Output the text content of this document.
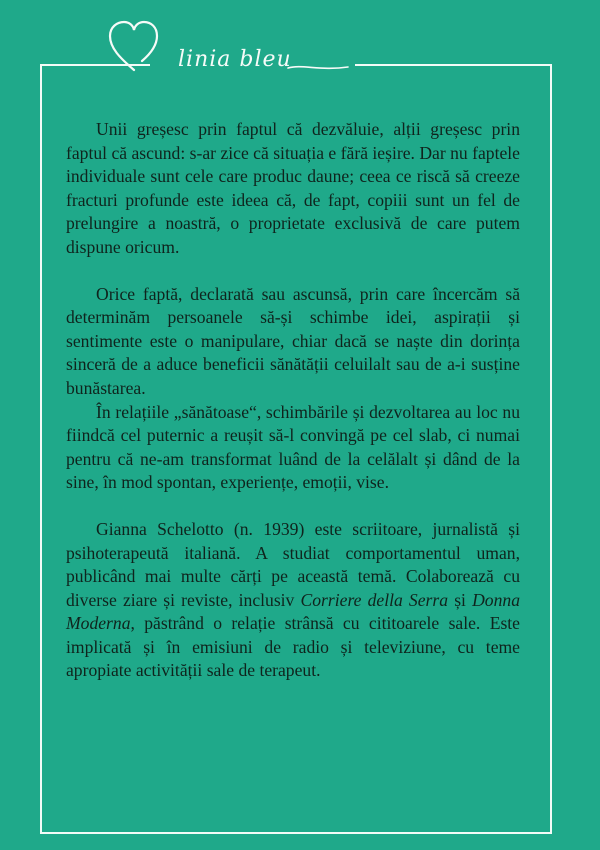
linia bleu

Unii greșesc prin faptul că dezvăluie, alții greșesc prin faptul că ascund: s-ar zice că situația e fără ieșire. Dar nu faptele individuale sunt cele care produc daune; ceea ce riscă să creeze fracturi profunde este ideea că, de fapt, copiii sunt un fel de prelungire a noastră, o proprietate exclusivă de care putem dispune oricum.

Orice faptă, declarată sau ascunsă, prin care încercăm să determinăm persoanele să-și schimbe idei, aspirații și sentimente este o manipulare, chiar dacă se naște din dorința sinceră de a aduce beneficii sănătății celuilalt sau de a-i susține bunăstarea.

În relațiile „sănătoase“, schimbările și dezvoltarea au loc nu fiindcă cel puternic a reușit să-l convingă pe cel slab, ci numai pentru că ne-am transformat luând de la celălalt și dând de la sine, în mod spontan, experiențe, emoții, vise.

Gianna Schelotto (n. 1939) este scriitoare, jurnalistă și psihoterapeută italiană. A studiat comportamentul uman, publicând mai multe cărți pe această temă. Colaborează cu diverse ziare și reviste, inclusiv Corriere della Serra și Donna Moderna, păstrând o relație strânsă cu cititoarele sale. Este implicată și în emisiuni de radio și televiziune, cu teme apropiate activității sale de terapeut.
